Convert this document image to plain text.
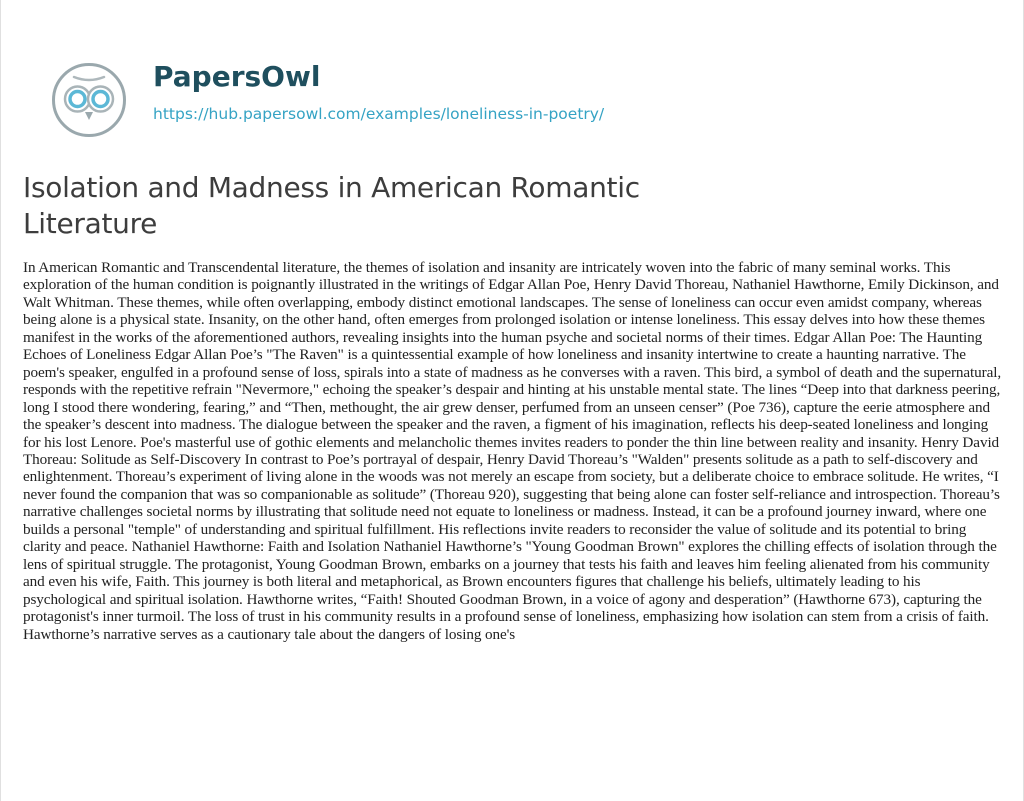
PapersOwl
https://hub.papersowl.com/examples/loneliness-in-poetry/
Isolation and Madness in American Romantic Literature

In American Romantic and Transcendental literature, the themes of isolation and insanity are intricately woven into the fabric of many seminal works. This exploration of the human condition is poignantly illustrated in the writings of Edgar Allan Poe, Henry David Thoreau, Nathaniel Hawthorne, Emily Dickinson, and Walt Whitman. These themes, while often overlapping, embody distinct emotional landscapes. The sense of loneliness can occur even amidst company, whereas being alone is a physical state. Insanity, on the other hand, often emerges from prolonged isolation or intense loneliness. This essay delves into how these themes manifest in the works of the aforementioned authors, revealing insights into the human psyche and societal norms of their times. Edgar Allan Poe: The Haunting Echoes of Loneliness Edgar Allan Poe’s "The Raven" is a quintessential example of how loneliness and insanity intertwine to create a haunting narrative. The poem's speaker, engulfed in a profound sense of loss, spirals into a state of madness as he converses with a raven. This bird, a symbol of death and the supernatural, responds with the repetitive refrain "Nevermore," echoing the speaker’s despair and hinting at his unstable mental state. The lines “Deep into that darkness peering, long I stood there wondering, fearing,” and “Then, methought, the air grew denser, perfumed from an unseen censer” (Poe 736), capture the eerie atmosphere and the speaker’s descent into madness. The dialogue between the speaker and the raven, a figment of his imagination, reflects his deep-seated loneliness and longing for his lost Lenore. Poe's masterful use of gothic elements and melancholic themes invites readers to ponder the thin line between reality and insanity. Henry David Thoreau: Solitude as Self-Discovery In contrast to Poe’s portrayal of despair, Henry David Thoreau’s "Walden" presents solitude as a path to self-discovery and enlightenment. Thoreau’s experiment of living alone in the woods was not merely an escape from society, but a deliberate choice to embrace solitude. He writes, “I never found the companion that was so companionable as solitude” (Thoreau 920), suggesting that being alone can foster self-reliance and introspection. Thoreau’s narrative challenges societal norms by illustrating that solitude need not equate to loneliness or madness. Instead, it can be a profound journey inward, where one builds a personal "temple" of understanding and spiritual fulfillment. His reflections invite readers to reconsider the value of solitude and its potential to bring clarity and peace. Nathaniel Hawthorne: Faith and Isolation Nathaniel Hawthorne’s "Young Goodman Brown" explores the chilling effects of isolation through the lens of spiritual struggle. The protagonist, Young Goodman Brown, embarks on a journey that tests his faith and leaves him feeling alienated from his community and even his wife, Faith. This journey is both literal and metaphorical, as Brown encounters figures that challenge his beliefs, ultimately leading to his psychological and spiritual isolation. Hawthorne writes, “Faith! Shouted Goodman Brown, in a voice of agony and desperation” (Hawthorne 673), capturing the protagonist's inner turmoil. The loss of trust in his community results in a profound sense of loneliness, emphasizing how isolation can stem from a crisis of faith. Hawthorne’s narrative serves as a cautionary tale about the dangers of losing one's
